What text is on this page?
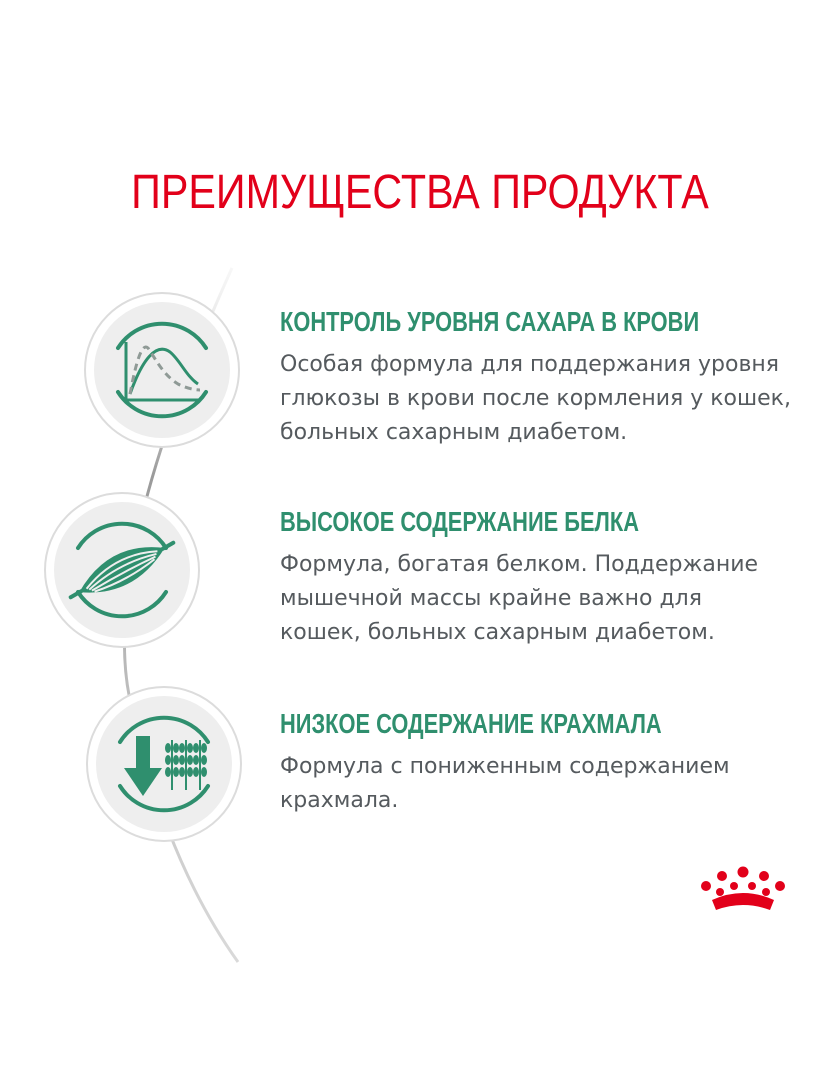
ПРЕИМУЩЕСТВА ПРОДУКТА
КОНТРОЛЬ УРОВНЯ САХАРА В КРОВИ

Особая формула для поддержания уровня
глюкозы в крови после кормления у кошек,
больных сахарным диабетом.

ВЫСОКОЕ СОДЕРЖАНИЕ БЕЛКА

Формула, богатая белком. Поддержание
мышечной массы крайне важно для
кошек, больных сахарным диабетом.

НИЗКОЕ СОДЕРЖАНИЕ КРАХМАЛА

Формула с пониженным содержанием
крахмала.
